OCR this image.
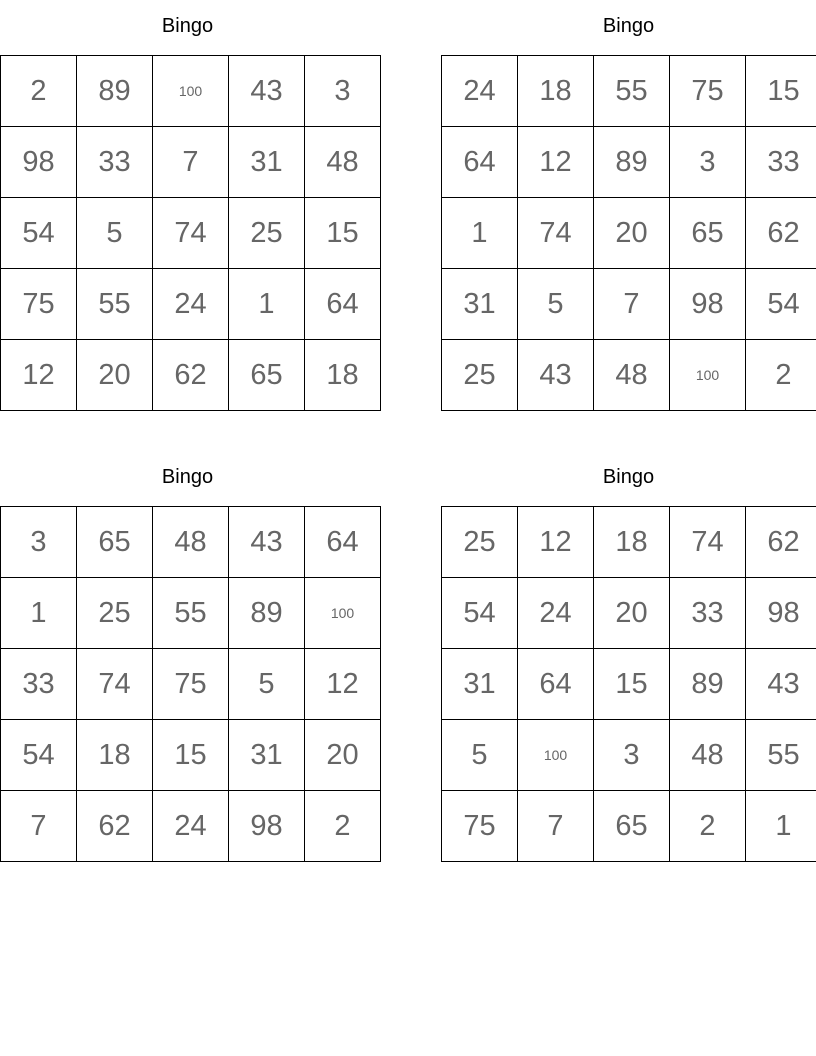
Bingo
2	89	100	43	3
98	33	7	31	48
54	5	74	25	15
75	55	24	1	64
12	20	62	65	18
Bingo
24	18	55	75	15
64	12	89	3	33
1	74	20	65	62
31	5	7	98	54
25	43	48	100	2
Bingo
3	65	48	43	64
1	25	55	89	100
33	74	75	5	12
54	18	15	31	20
7	62	24	98	2
Bingo
25	12	18	74	62
54	24	20	33	98
31	64	15	89	43
5	100	3	48	55
75	7	65	2	1
